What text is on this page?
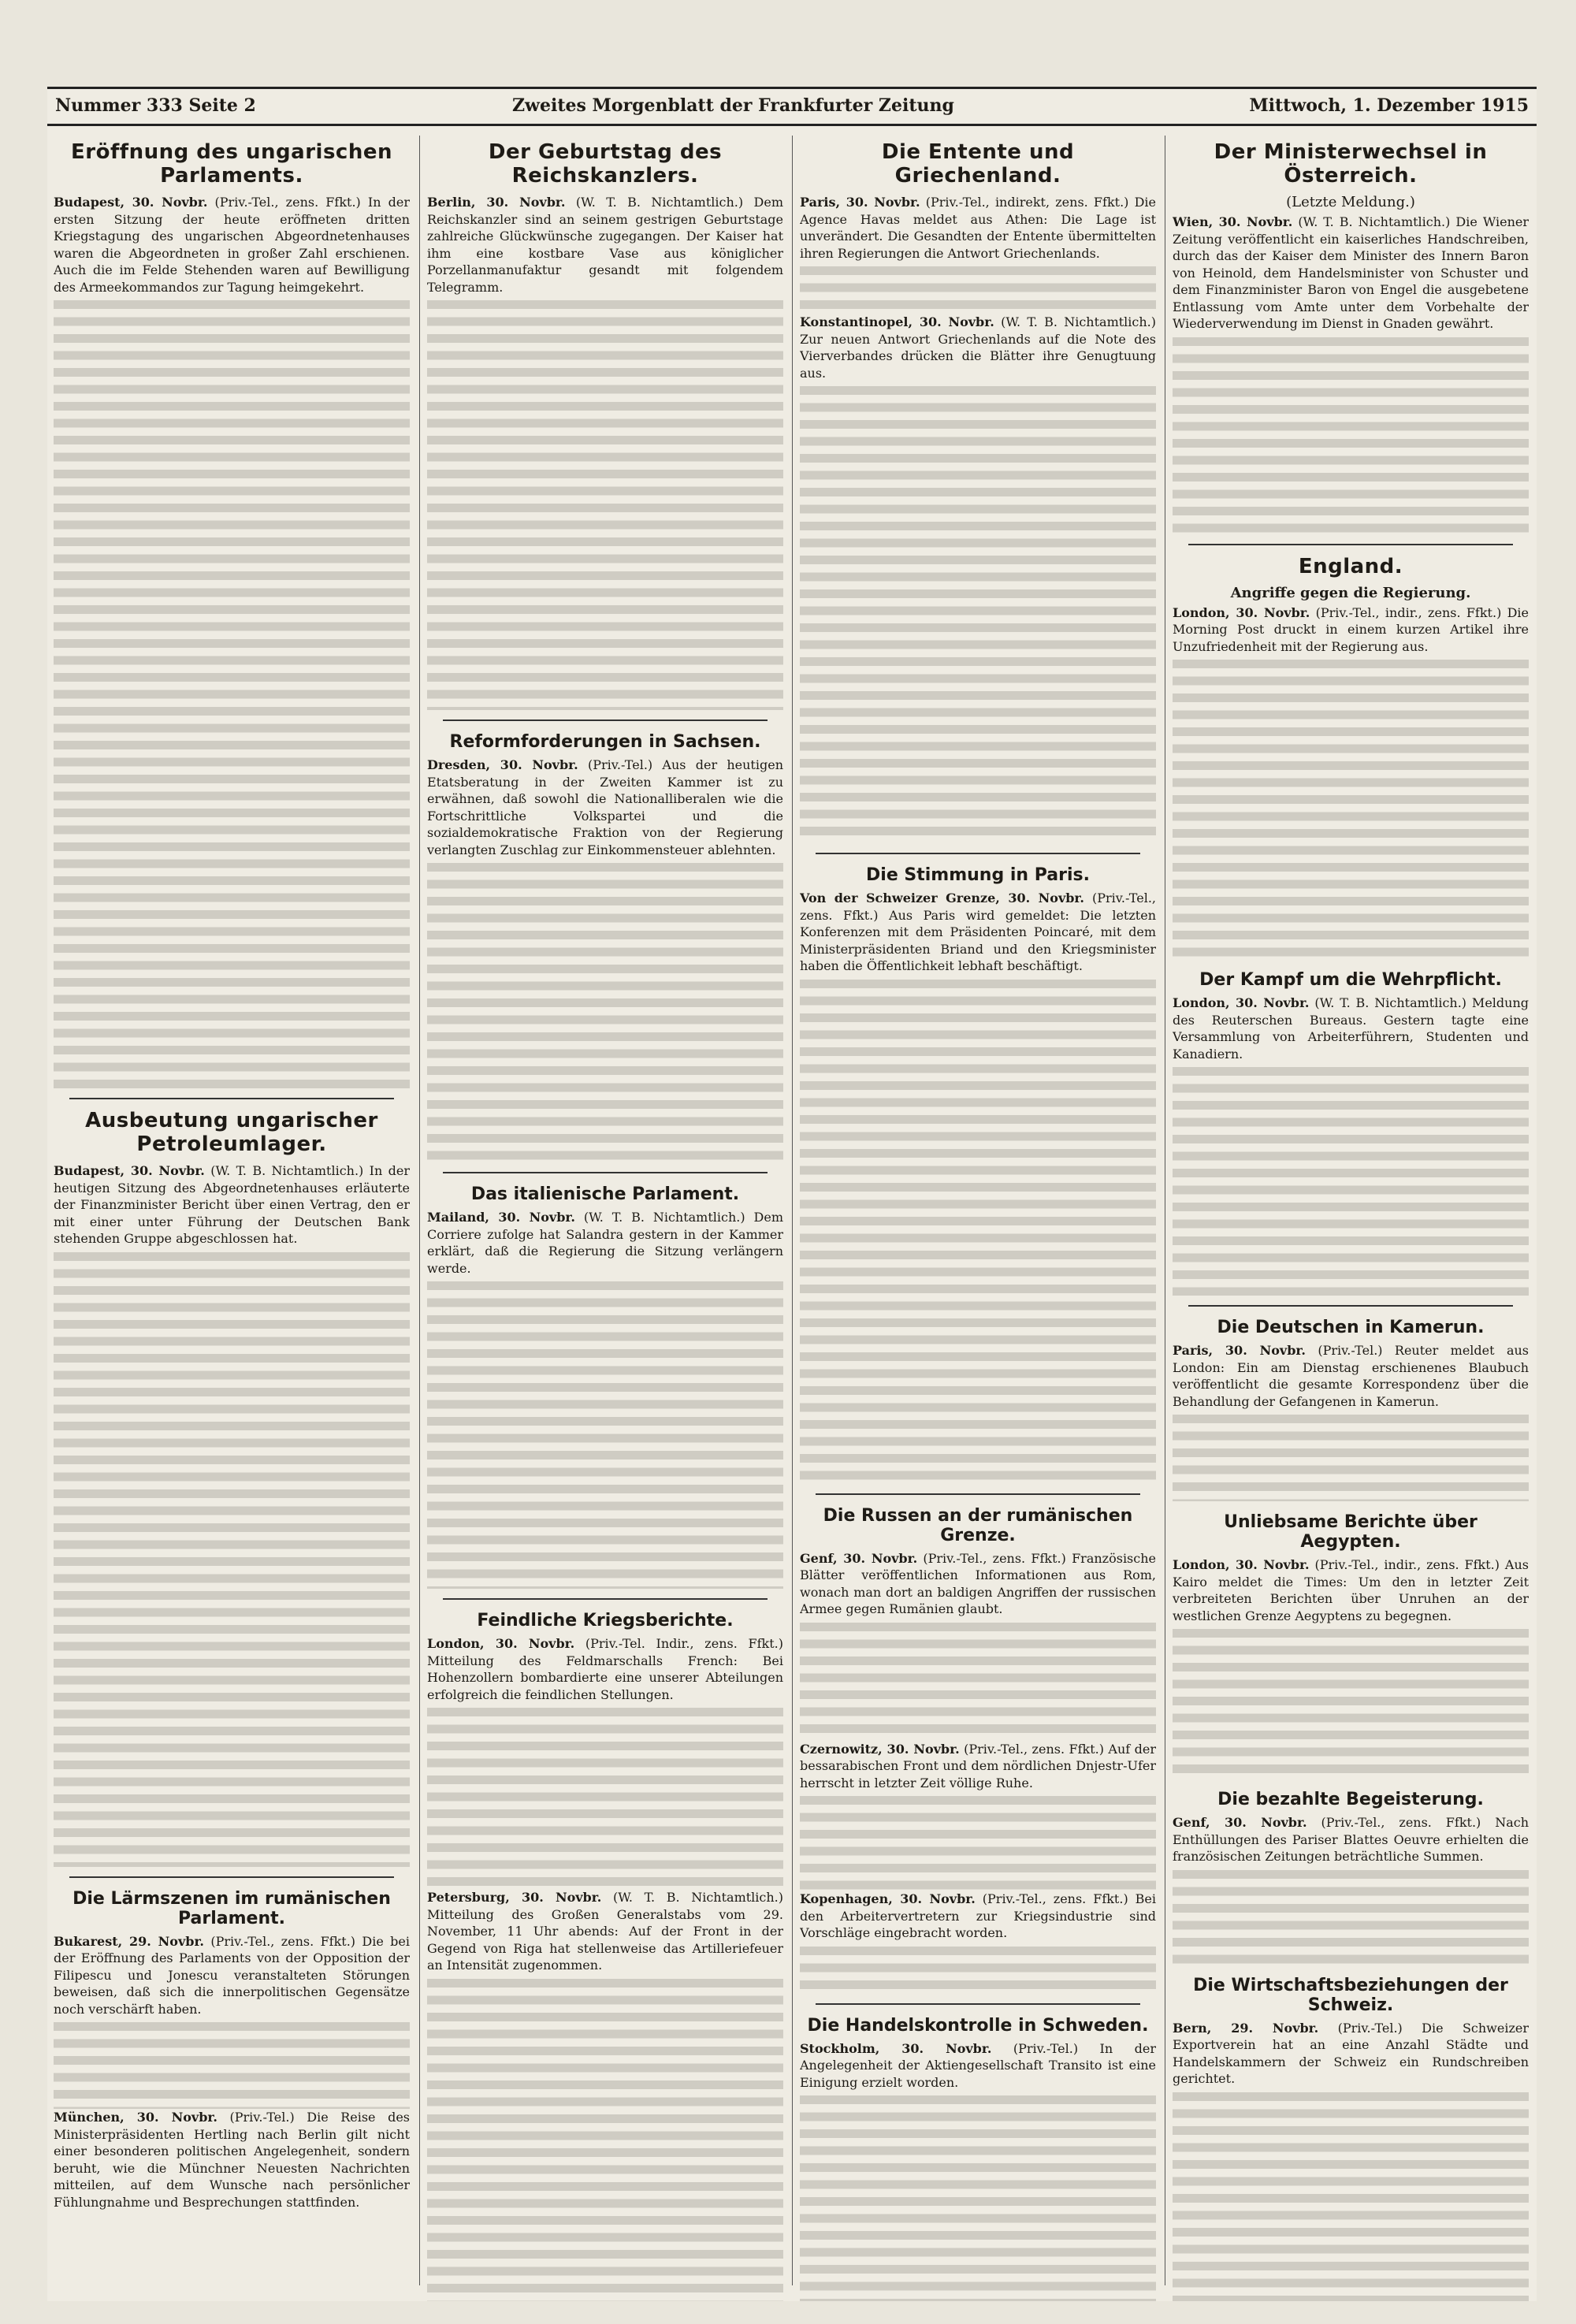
Nummer 333 Seite 2	Zweites Morgenblatt der Frankfurter Zeitung	Mittwoch, 1. Dezember 1915
Eröffnung des ungarischen Parlaments.

Budapest, 30. Novbr. (Priv.-Tel., zens. Ffkt.) In der ersten Sitzung der heute eröffneten dritten Kriegstagung des ungarischen Abgeordnetenhauses waren die Abgeordneten in großer Zahl erschienen. Auch die im Felde Stehenden waren auf Bewilligung des Armeekommandos zur Tagung heimgekehrt.

Ausbeutung ungarischer Petroleumlager.

Budapest, 30. Novbr. (W. T. B. Nichtamtlich.) In der heutigen Sitzung des Abgeordnetenhauses erläuterte der Finanzminister Bericht über einen Vertrag, den er mit einer unter Führung der Deutschen Bank stehenden Gruppe abgeschlossen hat.

Die Lärmszenen im rumänischen Parlament.

Bukarest, 29. Novbr. (Priv.-Tel., zens. Ffkt.) Die bei der Eröffnung des Parlaments von der Opposition der Filipescu und Jonescu veranstalteten Störungen beweisen, daß sich die innerpolitischen Gegensätze noch verschärft haben.

München, 30. Novbr. (Priv.-Tel.) Die Reise des Ministerpräsidenten Hertling nach Berlin gilt nicht einer besonderen politischen Angelegenheit, sondern beruht, wie die Münchner Neuesten Nachrichten mitteilen, auf dem Wunsche nach persönlicher Fühlungnahme und Besprechungen stattfinden.

Der Geburtstag des Reichskanzlers.

Berlin, 30. Novbr. (W. T. B. Nichtamtlich.) Dem Reichskanzler sind an seinem gestrigen Geburtstage zahlreiche Glückwünsche zugegangen. Der Kaiser hat ihm eine kostbare Vase aus königlicher Porzellanmanufaktur gesandt mit folgendem Telegramm.

Reformforderungen in Sachsen.

Dresden, 30. Novbr. (Priv.-Tel.) Aus der heutigen Etatsberatung in der Zweiten Kammer ist zu erwähnen, daß sowohl die Nationalliberalen wie die Fortschrittliche Volkspartei und die sozialdemokratische Fraktion von der Regierung verlangten Zuschlag zur Einkommensteuer ablehnten.

Das italienische Parlament.

Mailand, 30. Novbr. (W. T. B. Nichtamtlich.) Dem Corriere zufolge hat Salandra gestern in der Kammer erklärt, daß die Regierung die Sitzung verlängern werde.

Feindliche Kriegsberichte.

London, 30. Novbr. (Priv.-Tel. Indir., zens. Ffkt.) Mitteilung des Feldmarschalls French: Bei Hohenzollern bombardierte eine unserer Abteilungen erfolgreich die feindlichen Stellungen.

Petersburg, 30. Novbr. (W. T. B. Nichtamtlich.) Mitteilung des Großen Generalstabs vom 29. November, 11 Uhr abends: Auf der Front in der Gegend von Riga hat stellenweise das Artilleriefeuer an Intensität zugenommen.

Die Entente und Griechenland.

Paris, 30. Novbr. (Priv.-Tel., indirekt, zens. Ffkt.) Die Agence Havas meldet aus Athen: Die Lage ist unverändert. Die Gesandten der Entente übermittelten ihren Regierungen die Antwort Griechenlands.

Konstantinopel, 30. Novbr. (W. T. B. Nichtamtlich.) Zur neuen Antwort Griechenlands auf die Note des Vierverbandes drücken die Blätter ihre Genugtuung aus.

Die Stimmung in Paris.

Von der Schweizer Grenze, 30. Novbr. (Priv.-Tel., zens. Ffkt.) Aus Paris wird gemeldet: Die letzten Konferenzen mit dem Präsidenten Poincaré, mit dem Ministerpräsidenten Briand und den Kriegsminister haben die Öffentlichkeit lebhaft beschäftigt.

Die Russen an der rumänischen Grenze.

Genf, 30. Novbr. (Priv.-Tel., zens. Ffkt.) Französische Blätter veröffentlichen Informationen aus Rom, wonach man dort an baldigen Angriffen der russischen Armee gegen Rumänien glaubt.

Czernowitz, 30. Novbr. (Priv.-Tel., zens. Ffkt.) Auf der bessarabischen Front und dem nördlichen Dnjestr-Ufer herrscht in letzter Zeit völlige Ruhe.

Kopenhagen, 30. Novbr. (Priv.-Tel., zens. Ffkt.) Bei den Arbeitervertretern zur Kriegsindustrie sind Vorschläge eingebracht worden.

Die Handelskontrolle in Schweden.

Stockholm, 30. Novbr. (Priv.-Tel.) In der Angelegenheit der Aktiengesellschaft Transito ist eine Einigung erzielt worden.

Der Ministerwechsel in Österreich.
(Letzte Meldung.)

Wien, 30. Novbr. (W. T. B. Nichtamtlich.) Die Wiener Zeitung veröffentlicht ein kaiserliches Handschreiben, durch das der Kaiser dem Minister des Innern Baron von Heinold, dem Handelsminister von Schuster und dem Finanzminister Baron von Engel die ausgebetene Entlassung vom Amte unter dem Vorbehalte der Wiederverwendung im Dienst in Gnaden gewährt.

England.
Angriffe gegen die Regierung.

London, 30. Novbr. (Priv.-Tel., indir., zens. Ffkt.) Die Morning Post druckt in einem kurzen Artikel ihre Unzufriedenheit mit der Regierung aus.

Der Kampf um die Wehrpflicht.

London, 30. Novbr. (W. T. B. Nichtamtlich.) Meldung des Reuterschen Bureaus. Gestern tagte eine Versammlung von Arbeiterführern, Studenten und Kanadiern.

Die Deutschen in Kamerun.

Paris, 30. Novbr. (Priv.-Tel.) Reuter meldet aus London: Ein am Dienstag erschienenes Blaubuch veröffentlicht die gesamte Korrespondenz über die Behandlung der Gefangenen in Kamerun.

Unliebsame Berichte über Aegypten.

London, 30. Novbr. (Priv.-Tel., indir., zens. Ffkt.) Aus Kairo meldet die Times: Um den in letzter Zeit verbreiteten Berichten über Unruhen an der westlichen Grenze Aegyptens zu begegnen.

Die bezahlte Begeisterung.

Genf, 30. Novbr. (Priv.-Tel., zens. Ffkt.) Nach Enthüllungen des Pariser Blattes Oeuvre erhielten die französischen Zeitungen beträchtliche Summen.

Die Wirtschaftsbeziehungen der Schweiz.

Bern, 29. Novbr. (Priv.-Tel.) Die Schweizer Exportverein hat an eine Anzahl Städte und Handelskammern der Schweiz ein Rundschreiben gerichtet.
